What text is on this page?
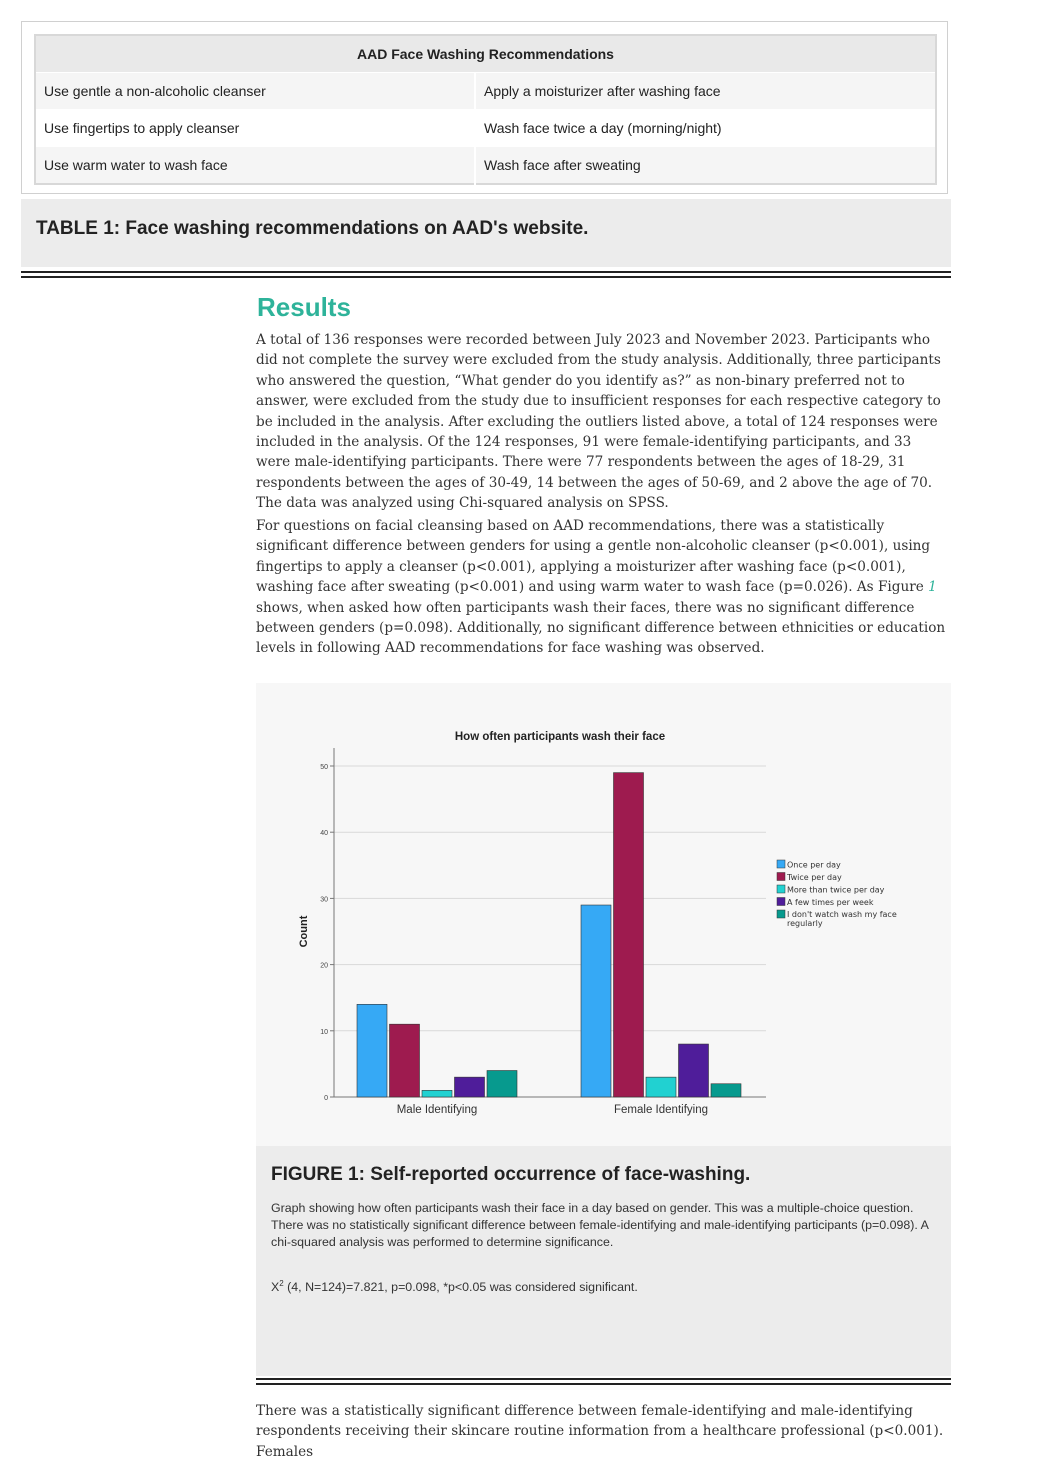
AAD Face Washing Recommendations	
Use gentle a non-alcoholic cleanser	Apply a moisturizer after washing face
Use fingertips to apply cleanser	Wash face twice a day (morning/night)
Use warm water to wash face	Wash face after sweating
TABLE 1: Face washing recommendations on AAD's website.
Results

A total of 136 responses were recorded between July 2023 and November 2023. Participants who did not complete the survey were excluded from the study analysis. Additionally, three participants who answered the question, “What gender do you identify as?” as non-binary preferred not to answer, were excluded from the study due to insufficient responses for each respective category to be included in the analysis. After excluding the outliers listed above, a total of 124 responses were included in the analysis. Of the 124 responses, 91 were female-identifying participants, and 33 were male-identifying participants. There were 77 respondents between the ages of 18-29, 31 respondents between the ages of 30-49, 14 between the ages of 50-69, and 2 above the age of 70. The data was analyzed using Chi-squared analysis on SPSS.

For questions on facial cleansing based on AAD recommendations, there was a statistically significant difference between genders for using a gentle non-alcoholic cleanser (p<0.001), using fingertips to apply a cleanser (p<0.001), applying a moisturizer after washing face (p<0.001), washing face after sweating (p<0.001) and using warm water to wash face (p=0.026). As Figure 1 shows, when asked how often participants wash their faces, there was no significant difference between genders (p=0.098). Additionally, no significant difference between ethnicities or education levels in following AAD recommendations for face washing was observed.

How often participants wash their face
0
10
20
30
40
50
Count
Male Identifying	Female Identifying
Once per day
Twice per day
More than twice per day
A few times per week
I don't watch wash my face regularly
FIGURE 1: Self-reported occurrence of face-washing.

Graph showing how often participants wash their face in a day based on gender. This was a multiple-choice question. There was no statistically significant difference between female-identifying and male-identifying participants (p=0.098). A chi-squared analysis was performed to determine significance.

$X^2$ (4, N=124)=7.821, p=0.098, *p<0.05 was considered significant.

There was a statistically significant difference between female-identifying and male-identifying respondents receiving their skincare routine information from a healthcare professional (p<0.001). Females
